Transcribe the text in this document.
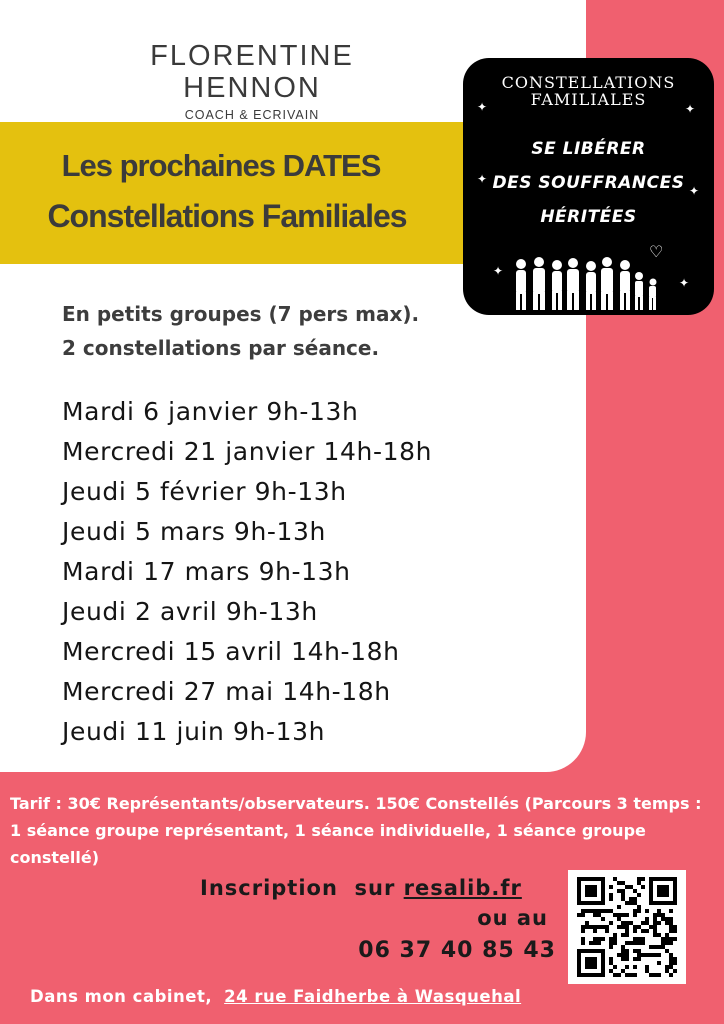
FLORENTINE HENNON
COACH & ECRIVAIN
Les prochaines DATES
Constellations Familiales
CONSTELLATIONS
FAMILIALES
✦	✦
✦
✦
✦
✦
SE LIBÉRER
DES SOUFFRANCES
HÉRITÉES
♡
En petits groupes (7 pers max).
2 constellations par séance.
Mardi 6 janvier 9h-13h
Mercredi 21 janvier 14h-18h
Jeudi 5 février 9h-13h
Jeudi 5 mars 9h-13h
Mardi 17 mars 9h-13h
Jeudi 2 avril 9h-13h
Mercredi 15 avril 14h-18h
Mercredi 27 mai 14h-18h
Jeudi 11 juin 9h-13h
Tarif : 30€ Représentants/observateurs. 150€ Constellés (Parcours 3 temps : 1 séance groupe représentant, 1 séance individuelle, 1 séance groupe constellé)
Inscription  sur resalib.fr
ou au
06 37 40 85 43
Dans mon cabinet, 24 rue Faidherbe à Wasquehal
